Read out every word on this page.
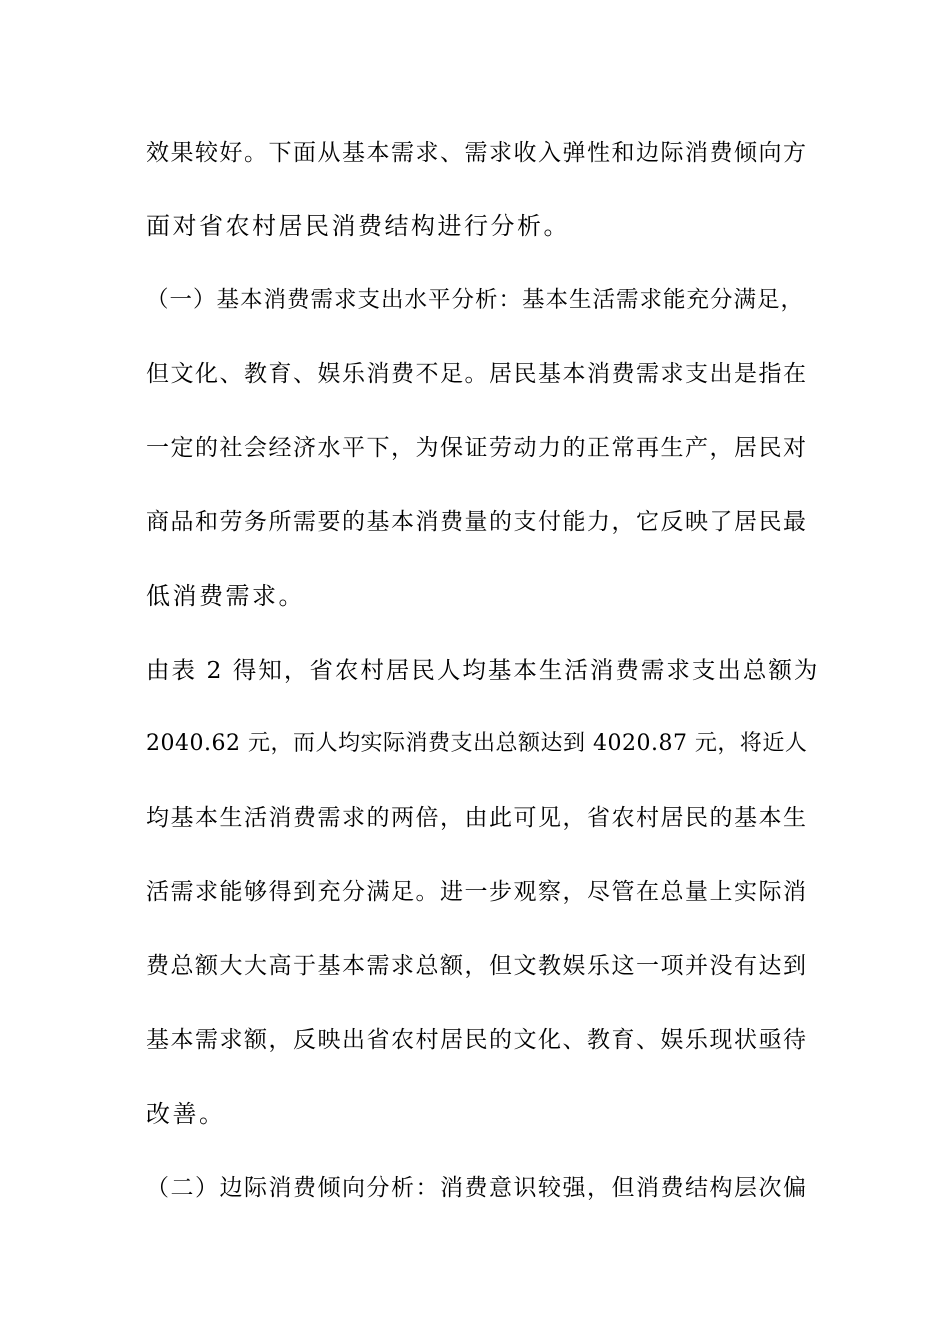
效果较好。下面从基本需求、需求收入弹性和边际消费倾向方
面对省农村居民消费结构进行分析。
（一）基本消费需求支出水平分析：基本生活需求能充分满足，
但文化、教育、娱乐消费不足。居民基本消费需求支出是指在
一定的社会经济水平下，为保证劳动力的正常再生产，居民对
商品和劳务所需要的基本消费量的支付能力，它反映了居民最
低消费需求。
由表 2 得知，省农村居民人均基本生活消费需求支出总额为
2040.62 元，而人均实际消费支出总额达到 4020.87 元，将近人
均基本生活消费需求的两倍，由此可见，省农村居民的基本生
活需求能够得到充分满足。进一步观察，尽管在总量上实际消
费总额大大高于基本需求总额，但文教娱乐这一项并没有达到
基本需求额，反映出省农村居民的文化、教育、娱乐现状亟待
改善。
（二）边际消费倾向分析：消费意识较强，但消费结构层次偏
